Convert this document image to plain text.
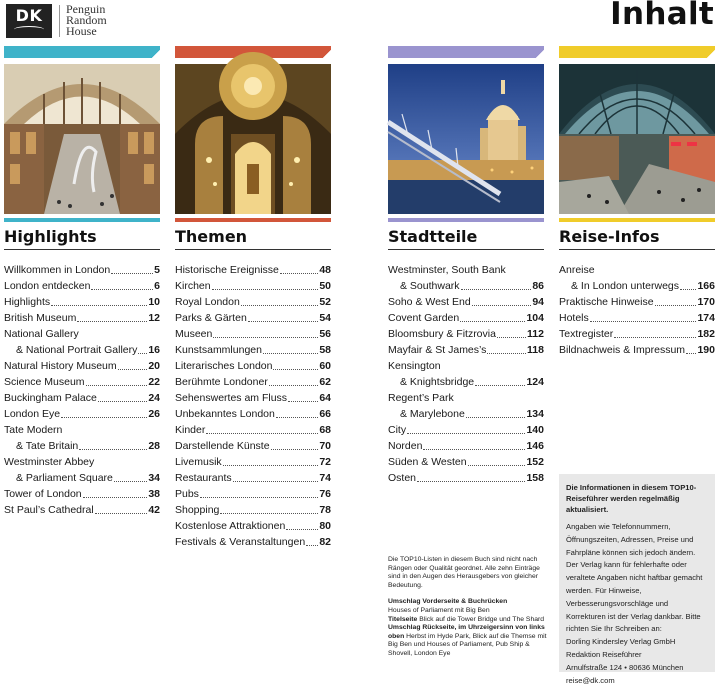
DK	Penguin
Random
House	Inhalt
Highlights
Willkommen in London	5
London entdecken	6
Highlights	10
British Museum	12
National Gallery
& National Portrait Gallery 16
Natural History Museum	20
Science Museum	22
Buckingham Palace	24
London Eye	26
Tate Modern
& Tate Britain	28
Westminster Abbey
& Parliament Square	34
Tower of London	38
St Paul’s Cathedral	42
Themen
Historische Ereignisse	48
Kirchen	50
Royal London	52
Parks & Gärten	54
Museen	56
Kunstsammlungen	58
Literarisches London	60
Berühmte Londoner	62
Sehenswertes am Fluss	64
Unbekanntes London	66
Kinder	68
Darstellende Künste	70
Livemusik	72
Restaurants	74
Pubs	76
Shopping	78
Kostenlose Attraktionen	80
Festivals & Veranstaltungen 82
Stadtteile
Westminster, South Bank
& Southwark	86
Soho & West End	94
Covent Garden	104
Bloomsbury & Fitzrovia	112
Mayfair & St James’s	118
Kensington
& Knightsbridge	124
Regent’s Park
& Marylebone	134
City	140
Norden	146
Süden & Westen	152
Osten	158
Reise-Infos
Anreise
& In London unterwegs 166
Praktische Hinweise	170
Hotels	174
Textregister	182
Bildnachweis & Impressum 190

Die TOP10-Listen in diesem Buch sind nicht nach Rängen oder Qualität geordnet. Alle zehn Einträge sind in den Augen des Herausgebers von gleicher Bedeutung.

Umschlag Vorderseite & Buchrücken
Houses of Parliament mit Big Ben
Titelseite Blick auf die Tower Bridge und The Shard
Umschlag Rückseite, im Uhrzeigersinn von links oben Herbst im Hyde Park, Blick auf die Themse mit Big Ben und Houses of Parliament, Pub Ship & Shovell, London Eye
Die Informationen in diesem TOP10-Reiseführer werden regelmäßig aktualisiert.
Angaben wie Telefonnummern, Öffnungszeiten, Adressen, Preise und Fahrpläne können sich jedoch ändern. Der Verlag kann für fehlerhafte oder veraltete Angaben nicht haftbar gemacht werden. Für Hinweise, Verbesserungsvorschläge und Korrekturen ist der Verlag dankbar. Bitte richten Sie Ihr Schreiben an:
Dorling Kindersley Verlag GmbH
Redaktion Reiseführer
Arnulfstraße 124 • 80636 München
reise@dk.com
